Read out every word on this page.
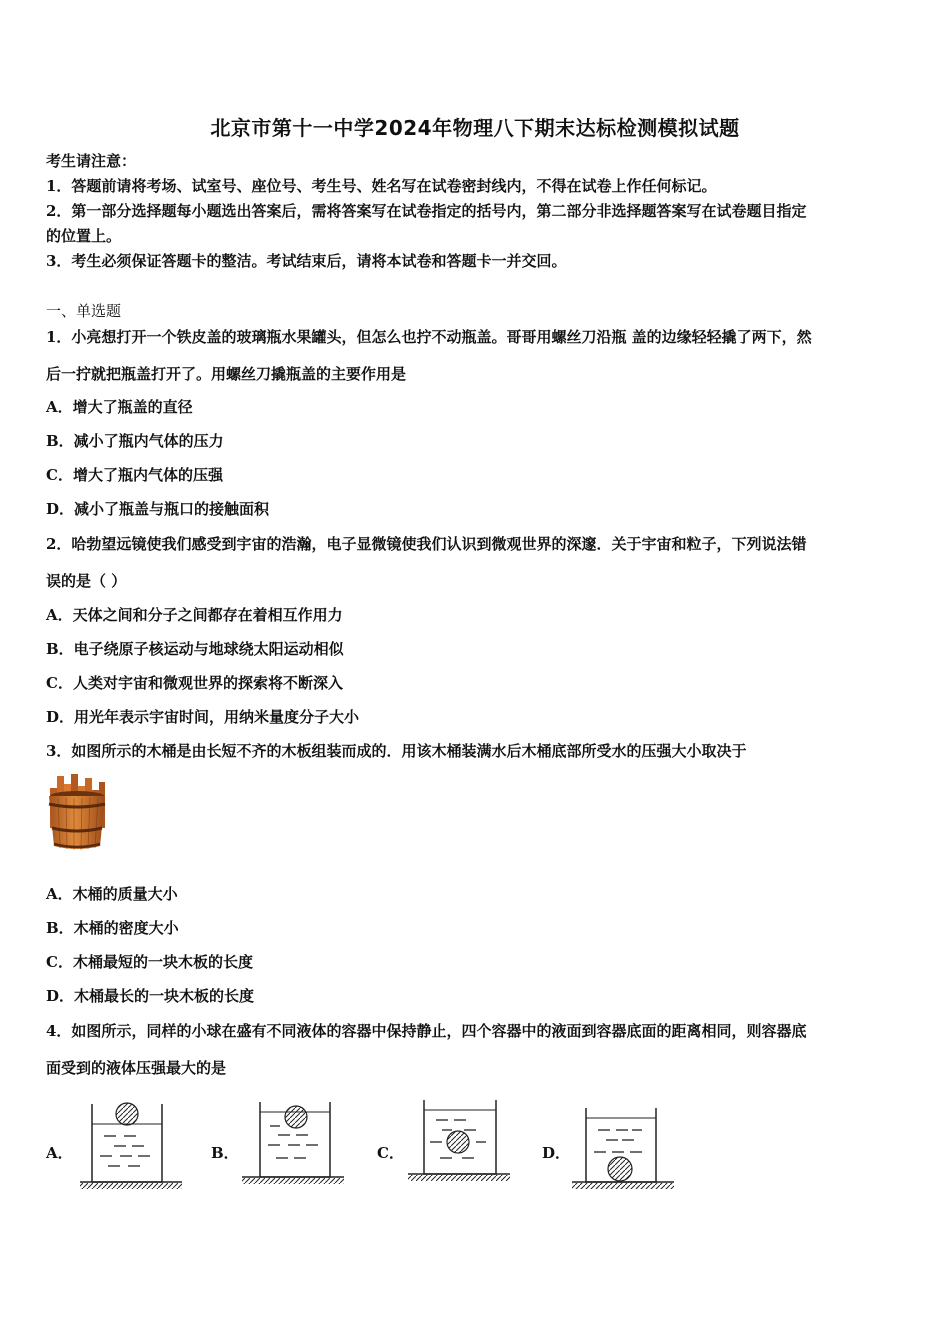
北京市第十一中学2024年物理八下期末达标检测模拟试题
考生请注意：
1．答题前请将考场、试室号、座位号、考生号、姓名写在试卷密封线内，不得在试卷上作任何标记。
2．第一部分选择题每小题选出答案后，需将答案写在试卷指定的括号内，第二部分非选择题答案写在试卷题目指定
的位置上。
3．考生必须保证答题卡的整洁。考试结束后，请将本试卷和答题卡一并交回。
一、单选题
1．小亮想打开一个铁皮盖的玻璃瓶水果罐头，但怎么也拧不动瓶盖。哥哥用螺丝刀沿瓶 盖的边缘轻轻撬了两下，然
后一拧就把瓶盖打开了。用螺丝刀撬瓶盖的主要作用是
A．增大了瓶盖的直径
B．减小了瓶内气体的压力
C．增大了瓶内气体的压强
D．减小了瓶盖与瓶口的接触面积
2．哈勃望远镜使我们感受到宇宙的浩瀚，电子显微镜使我们认识到微观世界的深邃．关于宇宙和粒子，下列说法错
误的是（ ）
A．天体之间和分子之间都存在着相互作用力
B．电子绕原子核运动与地球绕太阳运动相似
C．人类对宇宙和微观世界的探索将不断深入
D．用光年表示宇宙时间，用纳米量度分子大小
3．如图所示的木桶是由长短不齐的木板组装而成的．用该木桶装满水后木桶底部所受水的压强大小取决于
A．木桶的质量大小
B．木桶的密度大小
C．木桶最短的一块木板的长度
D．木桶最长的一块木板的长度
4．如图所示，同样的小球在盛有不同液体的容器中保持静止，四个容器中的液面到容器底面的距离相同，则容器底
面受到的液体压强最大的是
A．	B．	C．	D．
